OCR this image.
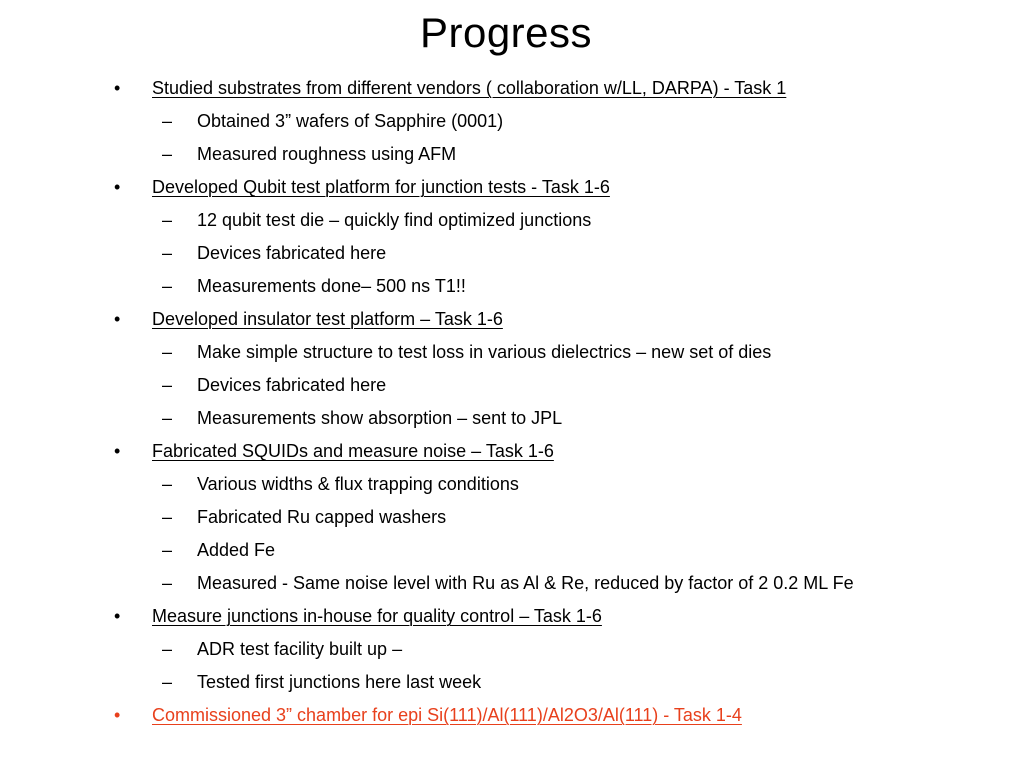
Progress
• Studied substrates from different vendors ( collaboration w/LL, DARPA) - Task 1
– Obtained 3” wafers of Sapphire (0001)
– Measured roughness using AFM
• Developed Qubit test platform for junction tests - Task 1-6
– 12 qubit test die – quickly find optimized junctions
– Devices fabricated here
– Measurements done– 500 ns T1!!
• Developed insulator test platform – Task 1-6
– Make simple structure to test loss in various dielectrics – new set of dies
– Devices fabricated here
– Measurements show absorption – sent to JPL
• Fabricated SQUIDs and measure noise – Task 1-6
– Various widths & flux trapping conditions
– Fabricated Ru capped washers
– Added Fe
– Measured - Same noise level with Ru as Al & Re, reduced by factor of 2 0.2 ML Fe
• Measure junctions in-house for quality control – Task 1-6
– ADR test facility built up –
– Tested first junctions here last week
• Commissioned 3” chamber for epi Si(111)/Al(111)/Al2O3/Al(111) - Task 1-4
